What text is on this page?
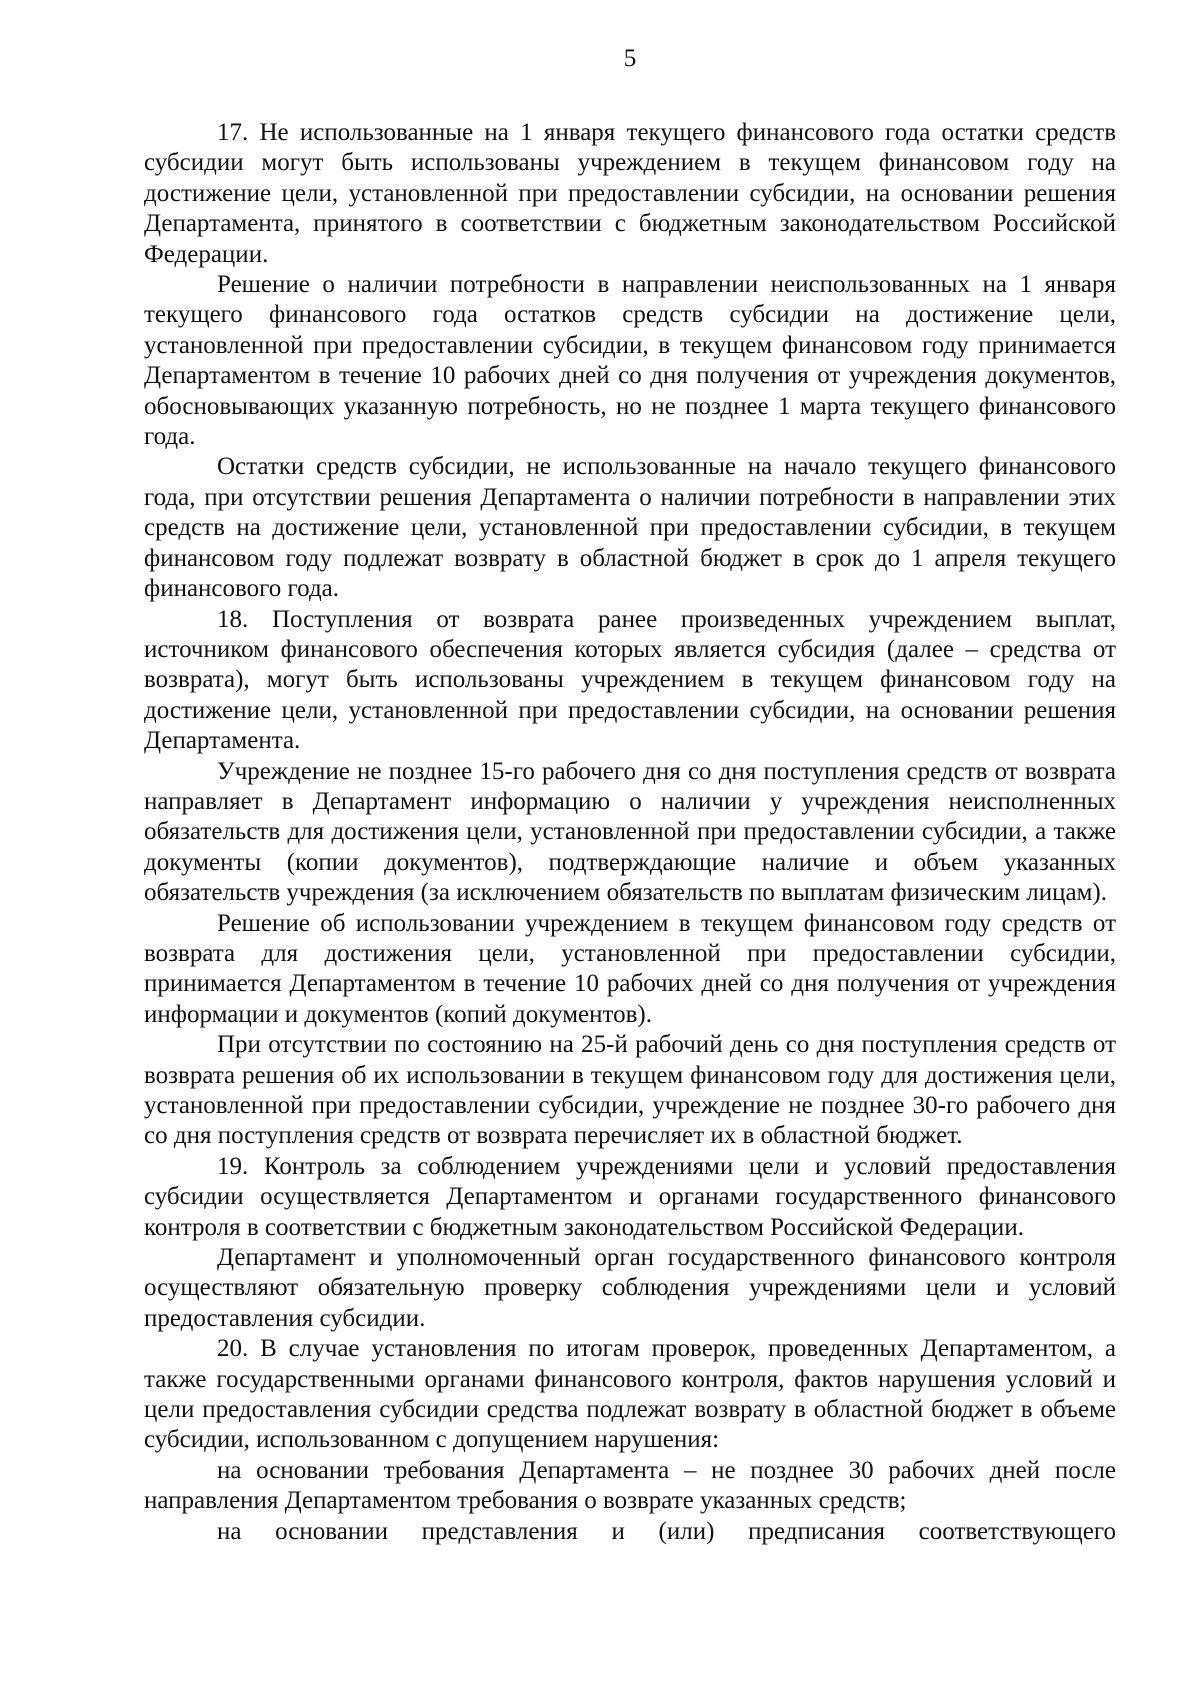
5

17. Не использованные на 1 января текущего финансового года остатки средств субсидии могут быть использованы учреждением в текущем финансовом году на достижение цели, установленной при предоставлении субсидии, на основании решения Департамента, принятого в соответствии с бюджетным законодательством Российской Федерации.

Решение о наличии потребности в направлении неиспользованных на 1 января текущего финансового года остатков средств субсидии на достижение цели, установленной при предоставлении субсидии, в текущем финансовом году принимается Департаментом в течение 10 рабочих дней со дня получения от учреждения документов, обосновывающих указанную потребность, но не позднее 1 марта текущего финансового года.

Остатки средств субсидии, не использованные на начало текущего финансового года, при отсутствии решения Департамента о наличии потребности в направлении этих средств на достижение цели, установленной при предоставлении субсидии, в текущем финансовом году подлежат возврату в областной бюджет в срок до 1 апреля текущего финансового года.

18. Поступления от возврата ранее произведенных учреждением выплат, источником финансового обеспечения которых является субсидия (далее – средства от возврата), могут быть использованы учреждением в текущем финансовом году на достижение цели, установленной при предоставлении субсидии, на основании решения Департамента.

Учреждение не позднее 15-го рабочего дня со дня поступления средств от возврата направляет в Департамент информацию о наличии у учреждения неисполненных обязательств для достижения цели, установленной при предоставлении субсидии, а также документы (копии документов), подтверждающие наличие и объем указанных обязательств учреждения (за исключением обязательств по выплатам физическим лицам).

Решение об использовании учреждением в текущем финансовом году средств от возврата для достижения цели, установленной при предоставлении субсидии, принимается Департаментом в течение 10 рабочих дней со дня получения от учреждения информации и документов (копий документов).

При отсутствии по состоянию на 25-й рабочий день со дня поступления средств от возврата решения об их использовании в текущем финансовом году для достижения цели, установленной при предоставлении субсидии, учреждение не позднее 30-го рабочего дня со дня поступления средств от возврата перечисляет их в областной бюджет.

19. Контроль за соблюдением учреждениями цели и условий предоставления субсидии осуществляется Департаментом и органами государственного финансового контроля в соответствии с бюджетным законодательством Российской Федерации.

Департамент и уполномоченный орган государственного финансового контроля осуществляют обязательную проверку соблюдения учреждениями цели и условий предоставления субсидии.

20. В случае установления по итогам проверок, проведенных Департаментом, а также государственными органами финансового контроля, фактов нарушения условий и цели предоставления субсидии средства подлежат возврату в областной бюджет в объеме субсидии, использованном с допущением нарушения:

на основании требования Департамента – не позднее 30 рабочих дней после направления Департаментом требования о возврате указанных средств;

на основании представления и (или) предписания соответствующего
